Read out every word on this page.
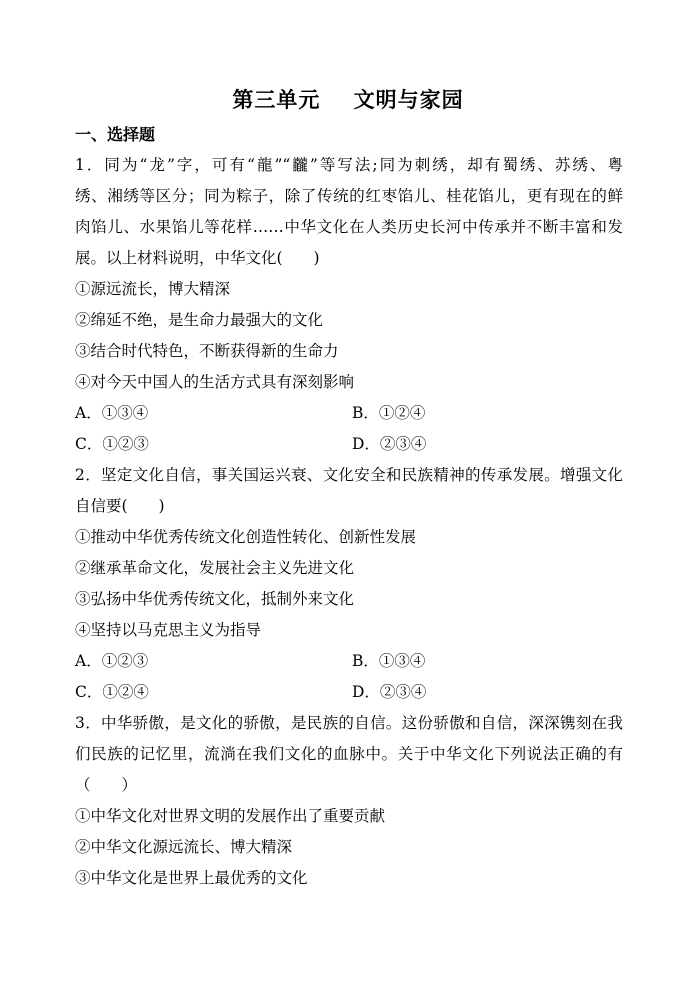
第三单元    文明与家园
一、选择题
1．同为“龙”字，可有“龍”“龖”等写法;同为刺绣，却有蜀绣、苏绣、粤
绣、湘绣等区分；同为粽子，除了传统的红枣馅儿、桂花馅儿，更有现在的鲜
肉馅儿、水果馅儿等花样……中华文化在人类历史长河中传承并不断丰富和发
展。以上材料说明，中华文化(　　)
①源远流长，博大精深
②绵延不绝，是生命力最强大的文化
③结合时代特色，不断获得新的生命力
④对今天中国人的生活方式具有深刻影响
A．①③④	B．①②④
C．①②③	D．②③④
2．坚定文化自信，事关国运兴衰、文化安全和民族精神的传承发展。增强文化
自信要(　　)
①推动中华优秀传统文化创造性转化、创新性发展
②继承革命文化，发展社会主义先进文化
③弘扬中华优秀传统文化，抵制外来文化
④坚持以马克思主义为指导
A．①②③	B．①③④
C．①②④	D．②③④
3．中华骄傲，是文化的骄傲，是民族的自信。这份骄傲和自信，深深镌刻在我
们民族的记忆里，流淌在我们文化的血脉中。关于中华文化下列说法正确的有
（　　）
①中华文化对世界文明的发展作出了重要贡献
②中华文化源远流长、博大精深
③中华文化是世界上最优秀的文化
